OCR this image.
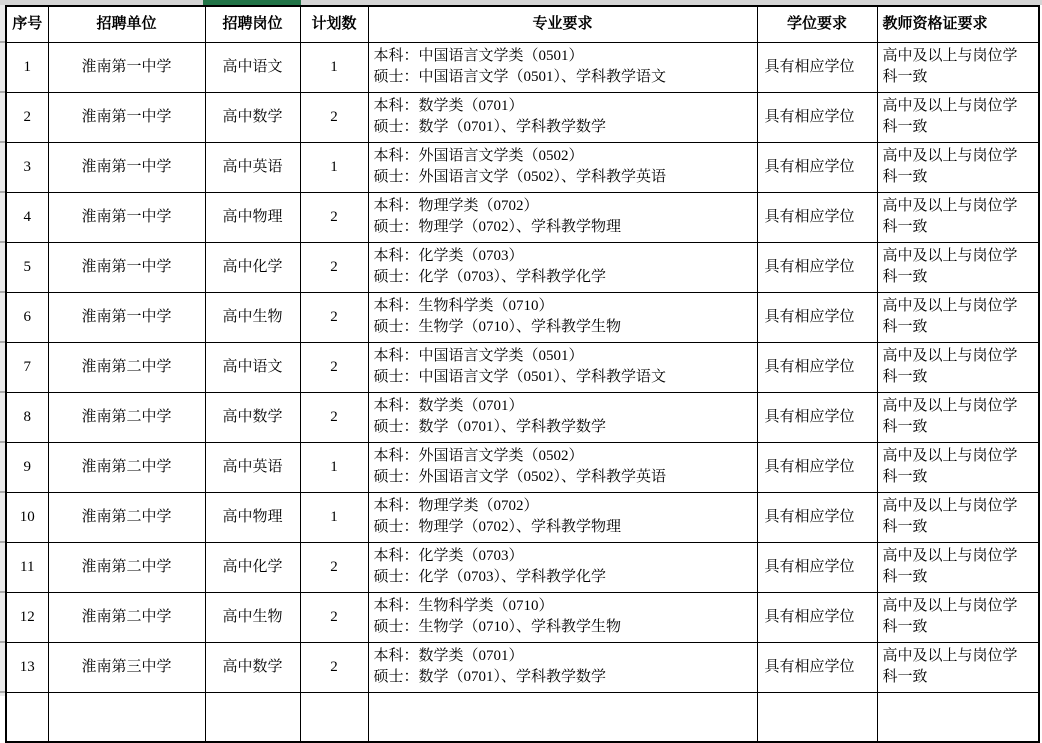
序号	招聘单位	招聘岗位	计划数	专业要求	学位要求	教师资格证要求
1	淮南第一中学	高中语文	1	本科：中国语言文学类（0501）
硕士：中国语言文学（0501）、学科教学语文	具有相应学位	高中及以上与岗位学科一致
2	淮南第一中学	高中数学	2	本科：数学类（0701）
硕士：数学（0701）、学科教学数学	具有相应学位	高中及以上与岗位学科一致
3	淮南第一中学	高中英语	1	本科：外国语言文学类（0502）
硕士：外国语言文学（0502）、学科教学英语	具有相应学位	高中及以上与岗位学科一致
4	淮南第一中学	高中物理	2	本科：物理学类（0702）
硕士：物理学（0702）、学科教学物理	具有相应学位	高中及以上与岗位学科一致
5	淮南第一中学	高中化学	2	本科：化学类（0703）
硕士：化学（0703）、学科教学化学	具有相应学位	高中及以上与岗位学科一致
6	淮南第一中学	高中生物	2	本科：生物科学类（0710）
硕士：生物学（0710）、学科教学生物	具有相应学位	高中及以上与岗位学科一致
7	淮南第二中学	高中语文	2	本科：中国语言文学类（0501）
硕士：中国语言文学（0501）、学科教学语文	具有相应学位	高中及以上与岗位学科一致
8	淮南第二中学	高中数学	2	本科：数学类（0701）
硕士：数学（0701）、学科教学数学	具有相应学位	高中及以上与岗位学科一致
9	淮南第二中学	高中英语	1	本科：外国语言文学类（0502）
硕士：外国语言文学（0502）、学科教学英语	具有相应学位	高中及以上与岗位学科一致
10	淮南第二中学	高中物理	1	本科：物理学类（0702）
硕士：物理学（0702）、学科教学物理	具有相应学位	高中及以上与岗位学科一致
11	淮南第二中学	高中化学	2	本科：化学类（0703）
硕士：化学（0703）、学科教学化学	具有相应学位	高中及以上与岗位学科一致
12	淮南第二中学	高中生物	2	本科：生物科学类（0710）
硕士：生物学（0710）、学科教学生物	具有相应学位	高中及以上与岗位学科一致
13	淮南第三中学	高中数学	2	本科：数学类（0701）
硕士：数学（0701）、学科教学数学	具有相应学位	高中及以上与岗位学科一致
